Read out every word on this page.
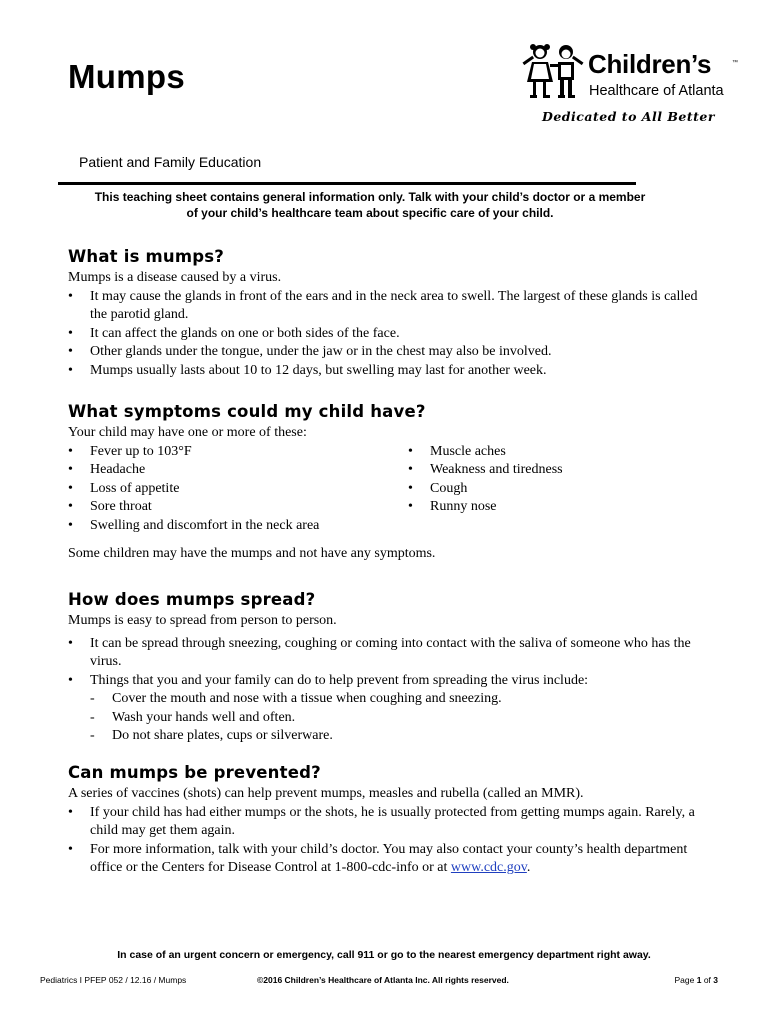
Mumps	Children’s	™
Healthcare of Atlanta
Dedicated to All Better
Patient and Family Education
This teaching sheet contains general information only. Talk with your child’s doctor or a member of your child’s healthcare team about specific care of your child.
What is mumps?

Mumps is a disease caused by a virus.

• It may cause the glands in front of the ears and in the neck area to swell. The largest of these glands is called the parotid gland.
• It can affect the glands on one or both sides of the face.
• Other glands under the tongue, under the jaw or in the chest may also be involved.
• Mumps usually lasts about 10 to 12 days, but swelling may last for another week.
What symptoms could my child have?

Your child may have one or more of these:

• Fever up to 103°F
• Headache
• Loss of appetite
• Sore throat
• Swelling and discomfort in the neck area
• Muscle aches
• Weakness and tiredness
• Cough
• Runny nose

Some children may have the mumps and not have any symptoms.

How does mumps spread?

Mumps is easy to spread from person to person.

• It can be spread through sneezing, coughing or coming into contact with the saliva of someone who has the virus.
• Things that you and your family can do to help prevent from spreading the virus include:
- Cover the mouth and nose with a tissue when coughing and sneezing.
- Wash your hands well and often.
- Do not share plates, cups or silverware.
Can mumps be prevented?

A series of vaccines (shots) can help prevent mumps, measles and rubella (called an MMR).

• If your child has had either mumps or the shots, he is usually protected from getting mumps again. Rarely, a child may get them again.
• For more information, talk with your child’s doctor. You may also contact your county’s health department office or the Centers for Disease Control at 1-800-cdc-info or at www.cdc.gov.
In case of an urgent concern or emergency, call 911 or go to the nearest emergency department right away.
Pediatrics I PFEP 052 / 12.16 / Mumps	©2016 Children’s Healthcare of Atlanta Inc. All rights reserved.	Page 1 of 3
